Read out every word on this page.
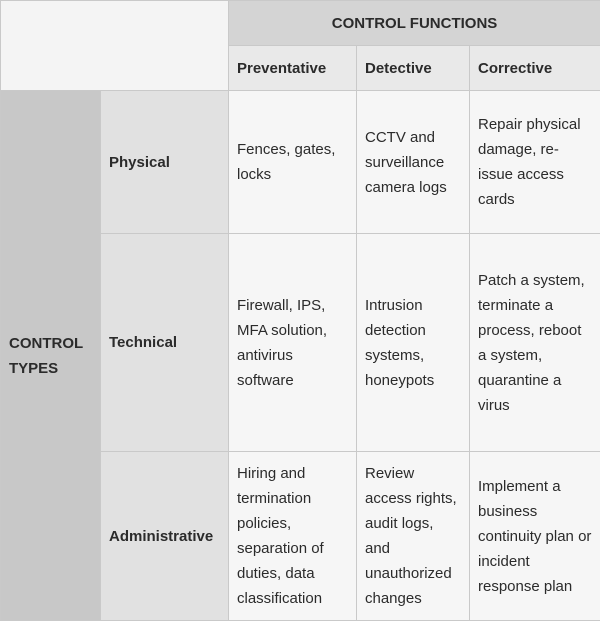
		CONTROL FUNCTIONS		
		Preventative	Detective	Corrective
CONTROL TYPES	Physical	Fences, gates, locks	CCTV and surveillance camera logs	Repair physical damage, re-issue access cards
	Technical	Firewall, IPS, MFA solution, antivirus software	Intrusion detection systems, honeypots	Patch a system, terminate a process, reboot a system, quarantine a virus
	Administrative	Hiring and termination policies, separation of duties, data classification	Review access rights, audit logs, and unauthorized changes	Implement a business continuity plan or incident response plan
